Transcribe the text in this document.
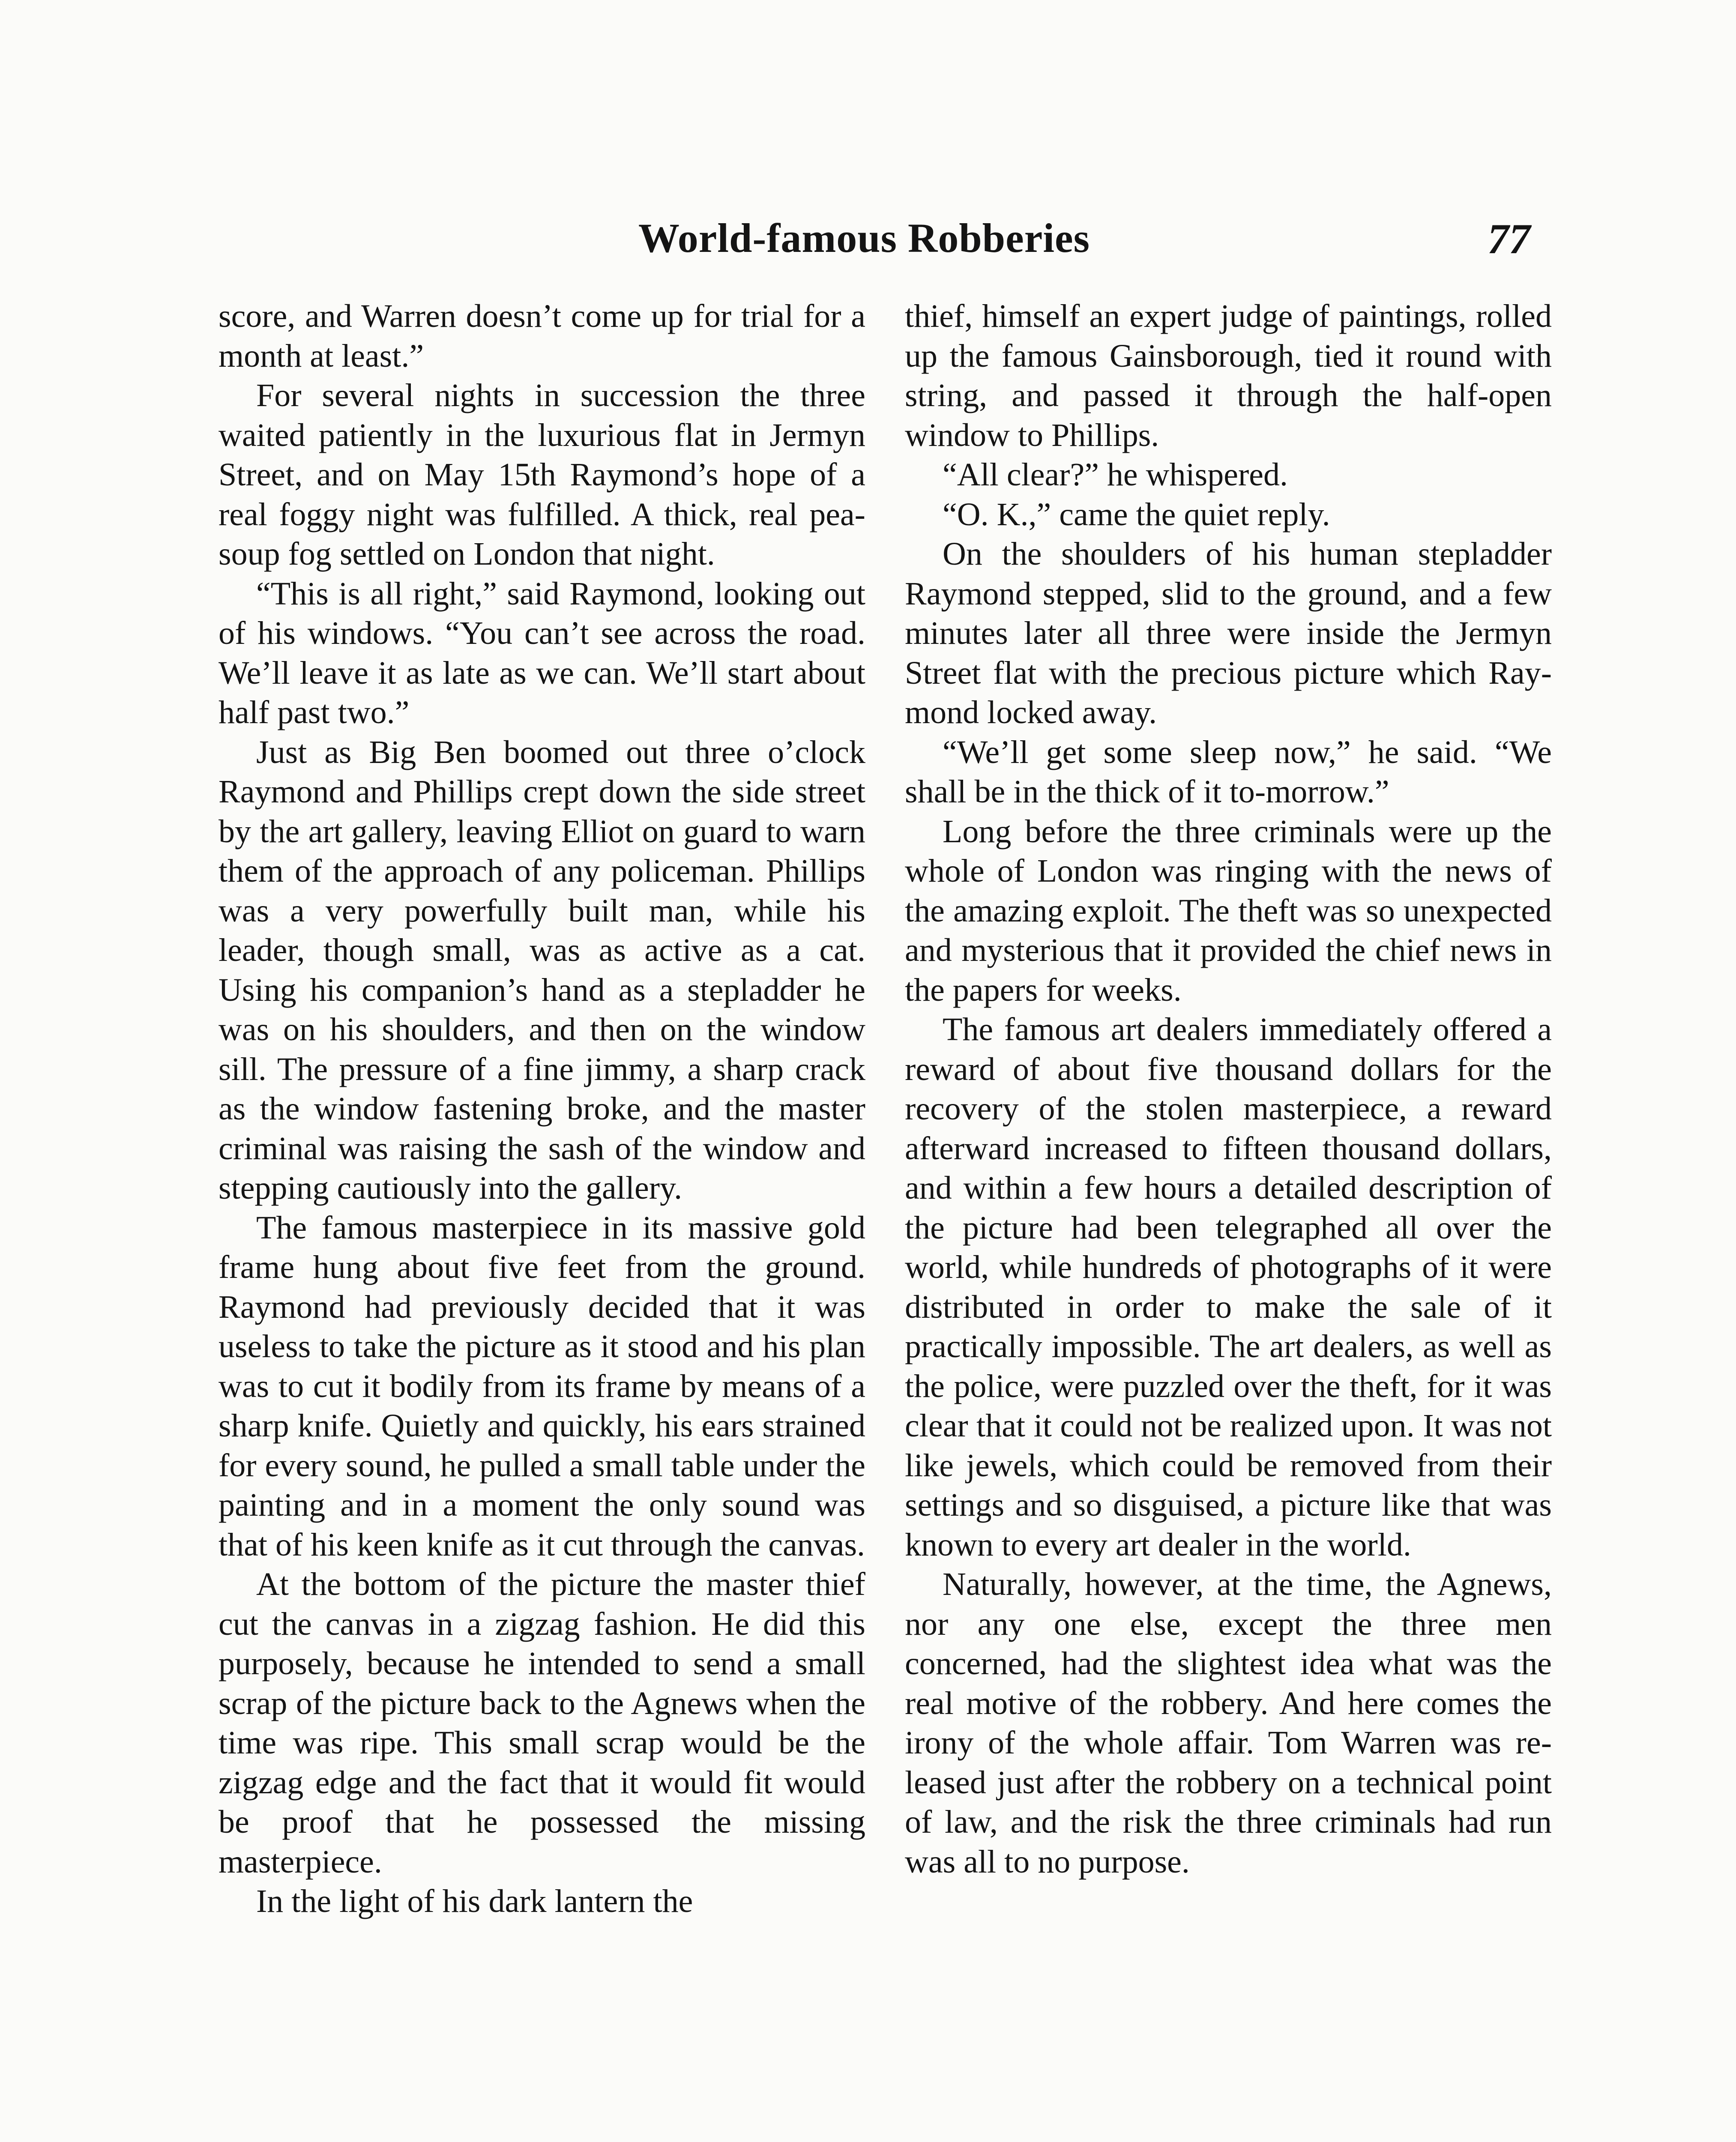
World-famous Robberies	77

score, and Warren doesn’t come up for trial for a month at least.”

For several nights in succession the three waited patiently in the luxurious flat in Jermyn Street, and on May 15th Raymond’s hope of a real foggy night was fulfilled. A thick, real pea-soup fog settled on London that night.

“This is all right,” said Raymond, looking out of his windows. “You can’t see across the road. We’ll leave it as late as we can. We’ll start about half past two.”

Just as Big Ben boomed out three o’clock Raymond and Phillips crept down the side street by the art gallery, leaving Elliot on guard to warn them of the approach of any policeman. Phillips was a very powerfully built man, while his leader, though small, was as active as a cat. Using his companion’s hand as a stepladder he was on his shoulders, and then on the window sill. The pressure of a fine jimmy, a sharp crack as the window fastening broke, and the master criminal was raising the sash of the window and stepping cautiously into the gallery.

The famous masterpiece in its massive gold frame hung about five feet from the ground. Raymond had previously decided that it was useless to take the picture as it stood and his plan was to cut it bodily from its frame by means of a sharp knife. Quietly and quickly, his ears strained for every sound, he pulled a small table under the painting and in a moment the only sound was that of his keen knife as it cut through the canvas.

At the bottom of the picture the master thief cut the canvas in a zigzag fashion. He did this purposely, because he intended to send a small scrap of the picture back to the Agnews when the time was ripe. This small scrap would be the zigzag edge and the fact that it would fit would be proof that he possessed the missing masterpiece.

In the light of his dark lantern the

thief, himself an expert judge of paintings, rolled up the famous Gainsborough, tied it round with string, and passed it through the half-open window to Phillips.

“All clear?” he whispered.

“O. K.,” came the quiet reply.

On the shoulders of his human stepladder Raymond stepped, slid to the ground, and a few minutes later all three were inside the Jermyn Street flat with the precious picture which Raymond locked away.

“We’ll get some sleep now,” he said. “We shall be in the thick of it to-morrow.”

Long before the three criminals were up the whole of London was ringing with the news of the amazing exploit. The theft was so unexpected and mysterious that it provided the chief news in the papers for weeks.

The famous art dealers immediately offered a reward of about five thousand dollars for the recovery of the stolen masterpiece, a reward afterward increased to fifteen thousand dollars, and within a few hours a detailed description of the picture had been telegraphed all over the world, while hundreds of photographs of it were distributed in order to make the sale of it practically impossible. The art dealers, as well as the police, were puzzled over the theft, for it was clear that it could not be realized upon. It was not like jewels, which could be removed from their settings and so disguised, a picture like that was known to every art dealer in the world.

Naturally, however, at the time, the Agnews, nor any one else, except the three men concerned, had the slightest idea what was the real motive of the robbery. And here comes the irony of the whole affair. Tom Warren was released just after the robbery on a technical point of law, and the risk the three criminals had run was all to no purpose.
